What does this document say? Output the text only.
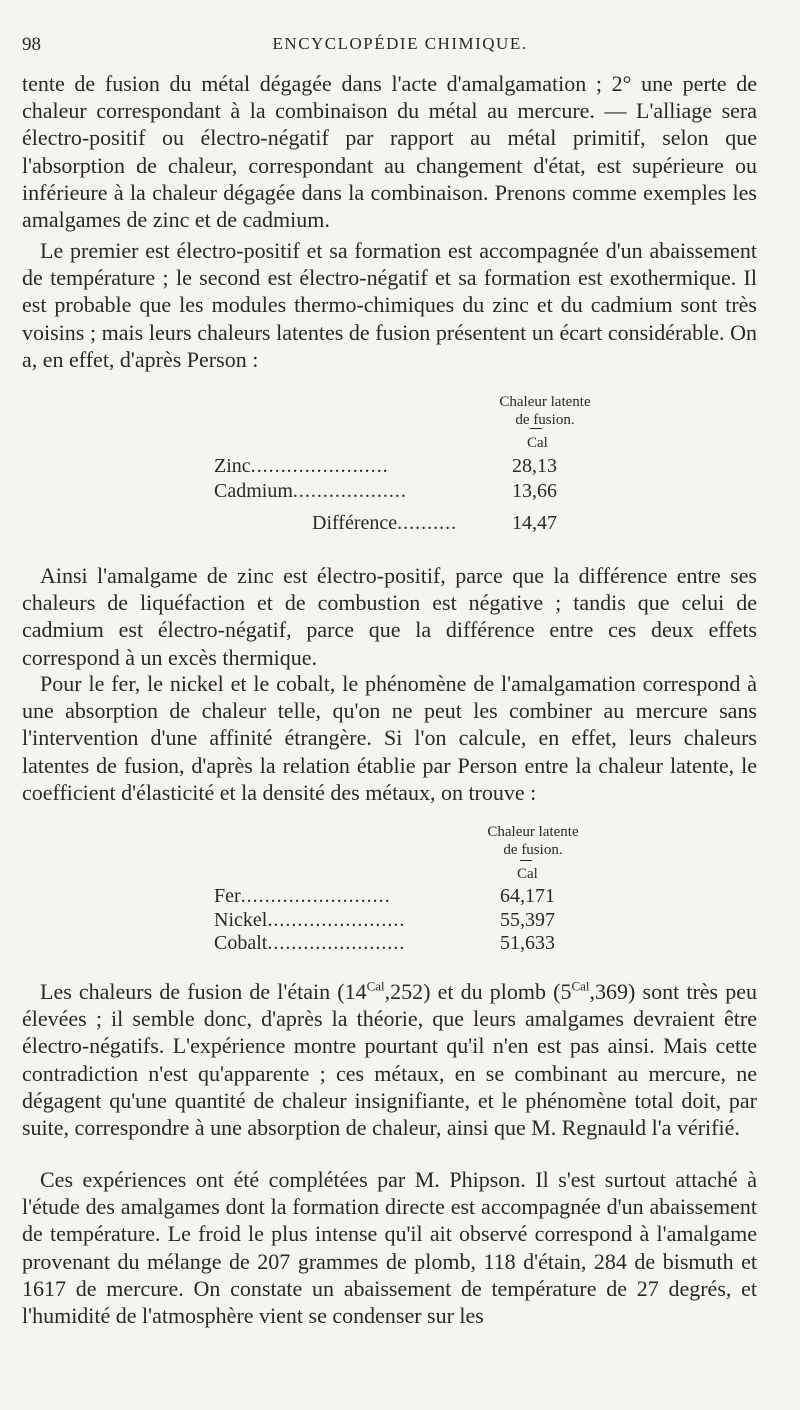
98	ENCYCLOPÉDIE CHIMIQUE.

tente de fusion du métal dégagée dans l'acte d'amalgamation ; 2° une perte de chaleur correspondant à la combinaison du métal au mercure. — L'alliage sera électro-positif ou électro-négatif par rapport au métal primitif, selon que l'absorption de chaleur, correspondant au changement d'état, est supérieure ou inférieure à la chaleur dégagée dans la combinaison. Prenons comme exemples les amalgames de zinc et de cadmium.

Le premier est électro-positif et sa formation est accompagnée d'un abaissement de température ; le second est électro-négatif et sa formation est exothermique. Il est probable que les modules thermo-chimiques du zinc et du cadmium sont très voisins ; mais leurs chaleurs latentes de fusion présentent un écart considérable. On a, en effet, d'après Person :

Chaleur latente
de fusion.
Cal
Zinc.......................	28,13
Cadmium...................	13,66
Différence..........	14,47

Ainsi l'amalgame de zinc est électro-positif, parce que la différence entre ses chaleurs de liquéfaction et de combustion est négative ; tandis que celui de cadmium est électro-négatif, parce que la différence entre ces deux effets correspond à un excès thermique.

Pour le fer, le nickel et le cobalt, le phénomène de l'amalgamation correspond à une absorption de chaleur telle, qu'on ne peut les combiner au mercure sans l'intervention d'une affinité étrangère. Si l'on calcule, en effet, leurs chaleurs latentes de fusion, d'après la relation établie par Person entre la chaleur latente, le coefficient d'élasticité et la densité des métaux, on trouve :

Chaleur latente
de fusion.
Cal
Fer.........................	64,171
Nickel.......................	55,397
Cobalt.......................	51,633

Les chaleurs de fusion de l'étain $(14^{Cal},252)$ et du plomb $(5^{Cal},369)$ sont très peu élevées ; il semble donc, d'après la théorie, que leurs amalgames devraient être électro-négatifs. L'expérience montre pourtant qu'il n'en est pas ainsi. Mais cette contradiction n'est qu'apparente ; ces métaux, en se combinant au mercure, ne dégagent qu'une quantité de chaleur insignifiante, et le phénomène total doit, par suite, correspondre à une absorption de chaleur, ainsi que M. Regnauld l'a vérifié.

Ces expériences ont été complétées par M. Phipson. Il s'est surtout attaché à l'étude des amalgames dont la formation directe est accompagnée d'un abaissement de température. Le froid le plus intense qu'il ait observé correspond à l'amalgame provenant du mélange de 207 grammes de plomb, 118 d'étain, 284 de bismuth et 1617 de mercure. On constate un abaissement de température de 27 degrés, et l'humidité de l'atmosphère vient se condenser sur les
